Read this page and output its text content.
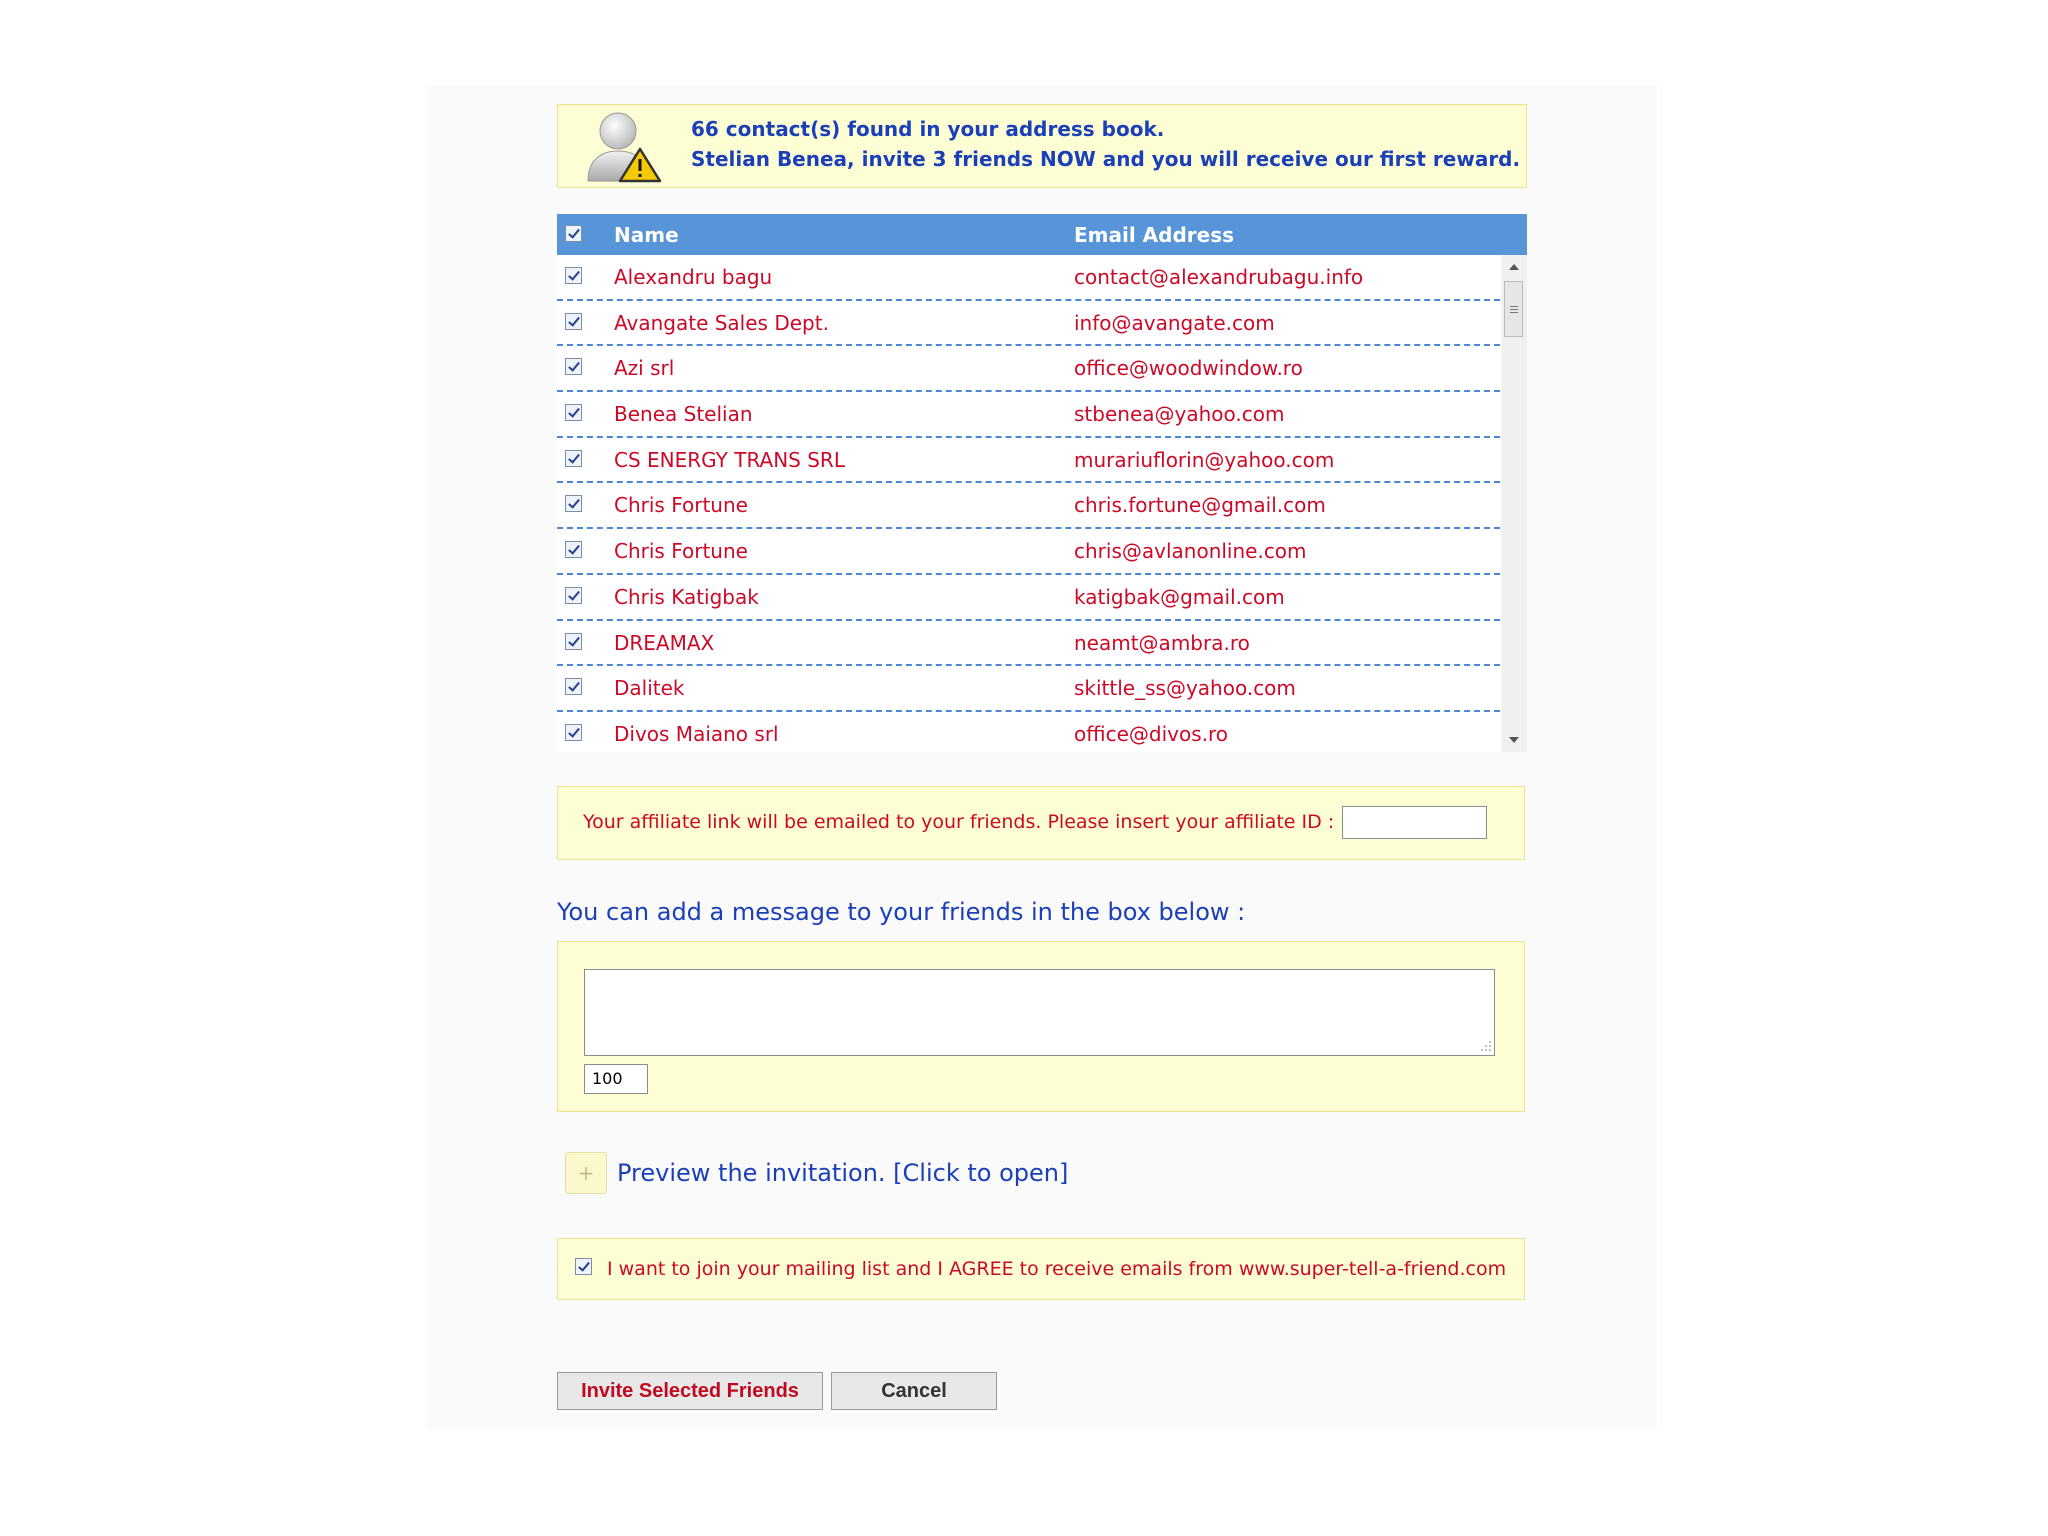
66 contact(s) found in your address book.
Stelian Benea, invite 3 friends NOW and you will receive our first reward.
Name	Email Address
Alexandru bagu	contact@alexandrubagu.info
Avangate Sales Dept.	info@avangate.com
Azi srl	office@woodwindow.ro
Benea Stelian	stbenea@yahoo.com
CS ENERGY TRANS SRL	murariuflorin@yahoo.com
Chris Fortune	chris.fortune@gmail.com
Chris Fortune	chris@avlanonline.com
Chris Katigbak	katigbak@gmail.com
DREAMAX	neamt@ambra.ro
Dalitek	skittle_ss@yahoo.com
Divos Maiano srl	office@divos.ro
Your affiliate link will be emailed to your friends. Please insert your affiliate ID :
You can add a message to your friends in the box below :
100
+ Preview the invitation. [Click to open]
I want to join your mailing list and I AGREE to receive emails from www.super-tell-a-friend.com
Invite Selected Friends	Cancel
